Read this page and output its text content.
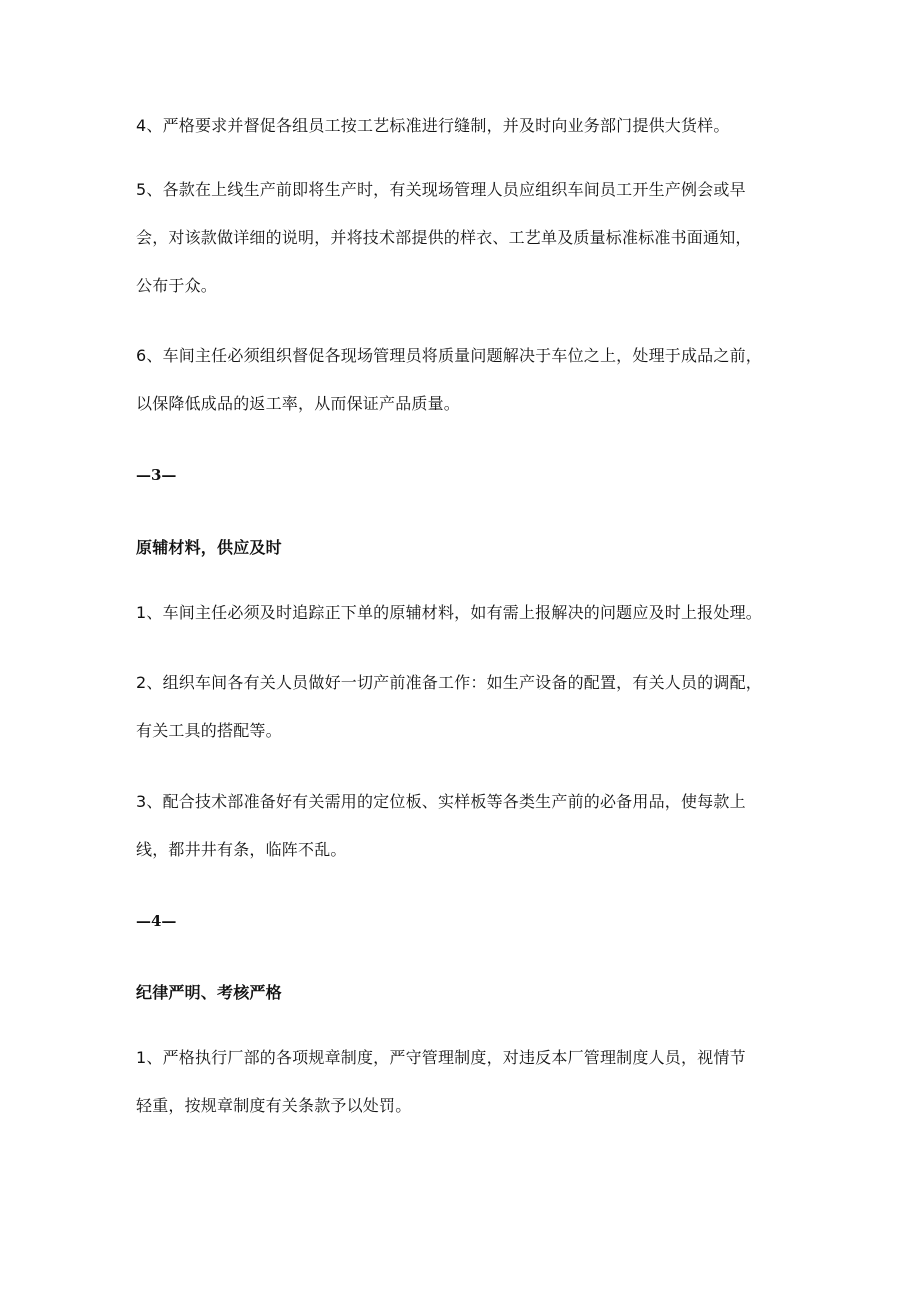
4、严格要求并督促各组员工按工艺标准进行缝制，并及时向业务部门提供大货样。
5、各款在上线生产前即将生产时，有关现场管理人员应组织车间员工开生产例会或早
会，对该款做详细的说明，并将技术部提供的样衣、工艺单及质量标准标准书面通知，
公布于众。
6、车间主任必须组织督促各现场管理员将质量问题解决于车位之上，处理于成品之前，
以保降低成品的返工率，从而保证产品质量。
—3—
原辅材料，供应及时
1、车间主任必须及时追踪正下单的原辅材料，如有需上报解决的问题应及时上报处理。
2、组织车间各有关人员做好一切产前准备工作：如生产设备的配置，有关人员的调配，
有关工具的搭配等。
3、配合技术部准备好有关需用的定位板、实样板等各类生产前的必备用品，使每款上
线，都井井有条，临阵不乱。
—4—
纪律严明、考核严格
1、严格执行厂部的各项规章制度，严守管理制度，对违反本厂管理制度人员，视情节
轻重，按规章制度有关条款予以处罚。
